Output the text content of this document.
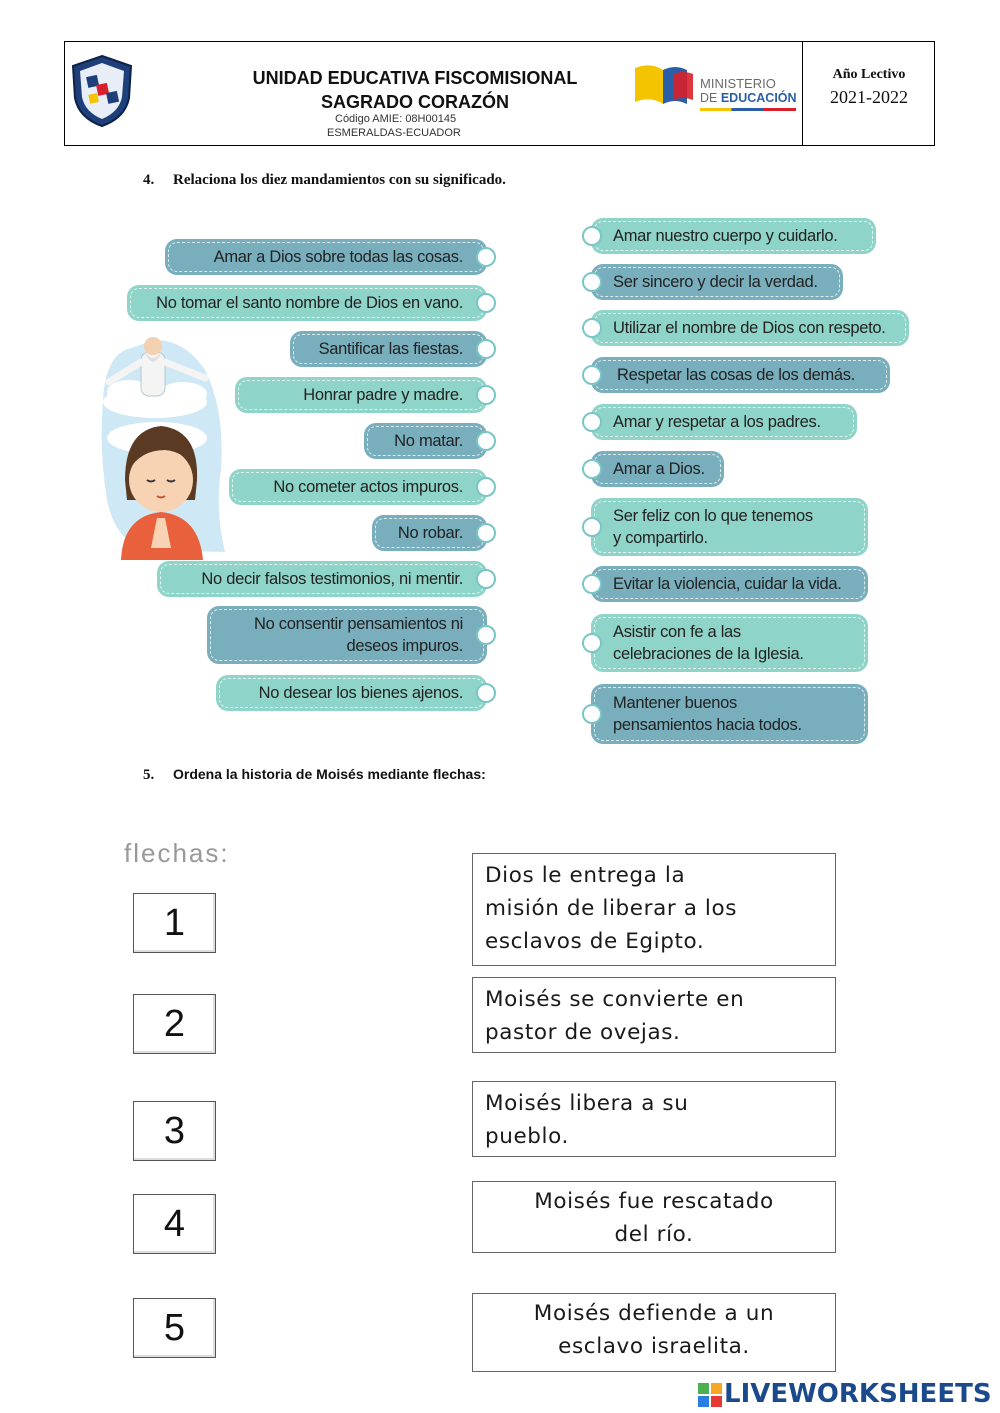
UNIDAD EDUCATIVA FISCOMISIONAL
SAGRADO CORAZÓN
Código AMIE: 08H00145
ESMERALDAS-ECUADOR
MINISTERIO
DE EDUCACIÓN
Año Lectivo
2021-2022
4. Relaciona los diez mandamientos con su significado.
Amar a Dios sobre todas las cosas.
No tomar el santo nombre de Dios en vano.
Santificar las fiestas.
Honrar padre y madre.
No matar.
No cometer actos impuros.
No robar.
No decir falsos testimonios, ni mentir.
No consentir pensamientos ni
deseos impuros.
No desear los bienes ajenos.
Amar nuestro cuerpo y cuidarlo.
Ser sincero y decir la verdad.
Utilizar el nombre de Dios con respeto.
Respetar las cosas de los demás.
Amar y respetar a los padres.
Amar a Dios.
Ser feliz con lo que tenemos
y compartirlo.
Evitar la violencia, cuidar la vida.
Asistir con fe a las
celebraciones de la Iglesia.
Mantener buenos
pensamientos hacia todos.
5. Ordena la historia de Moisés mediante flechas:
flechas:
1
2
3
4
5
Dios le entrega la
misión de liberar a los
esclavos de Egipto.
Moisés se convierte en
pastor de ovejas.
Moisés libera a su
pueblo.
Moisés fue rescatado
del río.
Moisés defiende a un
esclavo israelita.
LIVEWORKSHEETS
